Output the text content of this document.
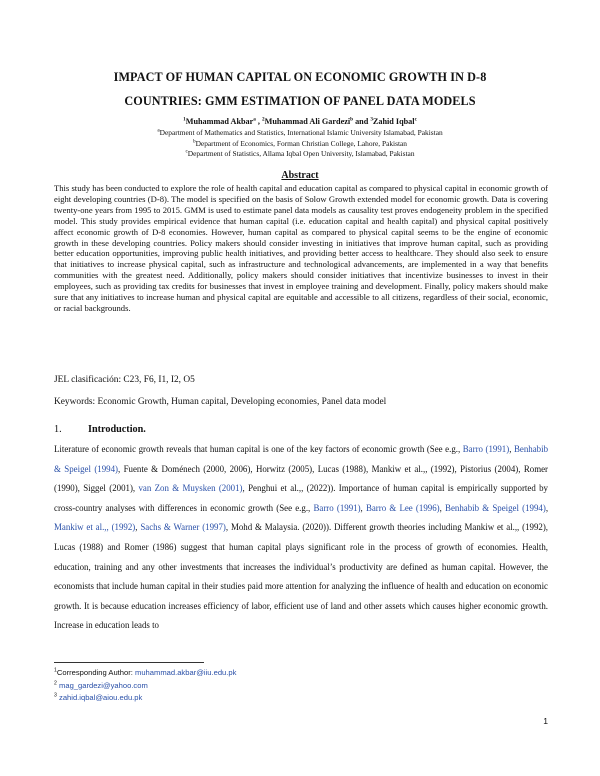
IMPACT OF HUMAN CAPITAL ON ECONOMIC GROWTH IN D-8
COUNTRIES: GMM ESTIMATION OF PANEL DATA MODELS
$^1$Muhammad Akbar$^a$ , $^2$Muhammad Ali Gardezi$^b$ and $^3$Zahid Iqbal$^c$
$^a$Department of Mathematics and Statistics, International Islamic University Islamabad, Pakistan
$^b$Department of Economics, Forman Christian College, Lahore, Pakistan
$^c$Department of Statistics, Allama Iqbal Open University, Islamabad, Pakistan
Abstract
This study has been conducted to explore the role of health capital and education capital as compared to physical capital in economic growth of eight developing countries (D-8). The model is specified on the basis of Solow Growth extended model for economic growth. Data is covering twenty-one years from 1995 to 2015. GMM is used to estimate panel data models as causality test proves endogeneity problem in the specified model. This study provides empirical evidence that human capital (i.e. education capital and health capital) and physical capital positively affect economic growth of D-8 economies. However, human capital as compared to physical capital seems to be the engine of economic growth in these developing countries. Policy makers should consider investing in initiatives that improve human capital, such as providing better education opportunities, improving public health initiatives, and providing better access to healthcare. They should also seek to ensure that initiatives to increase physical capital, such as infrastructure and technological advancements, are implemented in a way that benefits communities with the greatest need. Additionally, policy makers should consider initiatives that incentivize businesses to invest in their employees, such as providing tax credits for businesses that invest in employee training and development. Finally, policy makers should make sure that any initiatives to increase human and physical capital are equitable and accessible to all citizens, regardless of their social, economic, or racial backgrounds.
JEL clasificación: C23, F6, I1, I2, O5
Keywords: Economic Growth, Human capital, Developing economies, Panel data model
1.	Introduction.
Literature of economic growth reveals that human capital is one of the key factors of economic growth (See e.g., Barro (1991), Benhabib & Speigel (1994), Fuente & Doménech (2000, 2006), Horwitz (2005), Lucas (1988), Mankiw et al.,, (1992), Pistorius (2004), Romer (1990), Siggel (2001), van Zon & Muysken (2001), Penghui et al.,, (2022)). Importance of human capital is empirically supported by cross-country analyses with differences in economic growth (See e.g., Barro (1991), Barro & Lee (1996), Benhabib & Speigel (1994), Mankiw et al.,, (1992), Sachs & Warner (1997), Mohd & Malaysia. (2020)). Different growth theories including Mankiw et al.,, (1992), Lucas (1988) and Romer (1986) suggest that human capital plays significant role in the process of growth of economies. Health, education, training and any other investments that increases the individual’s productivity are defined as human capital. However, the economists that include human capital in their studies paid more attention for analyzing the influence of health and education on economic growth. It is because education increases efficiency of labor, efficient use of land and other assets which causes higher economic growth. Increase in education leads to
$^1$Corresponding Author: muhammad.akbar@iiu.edu.pk
$^2$ mag_gardezi@yahoo.com
$^3$ zahid.iqbal@aiou.edu.pk
1
